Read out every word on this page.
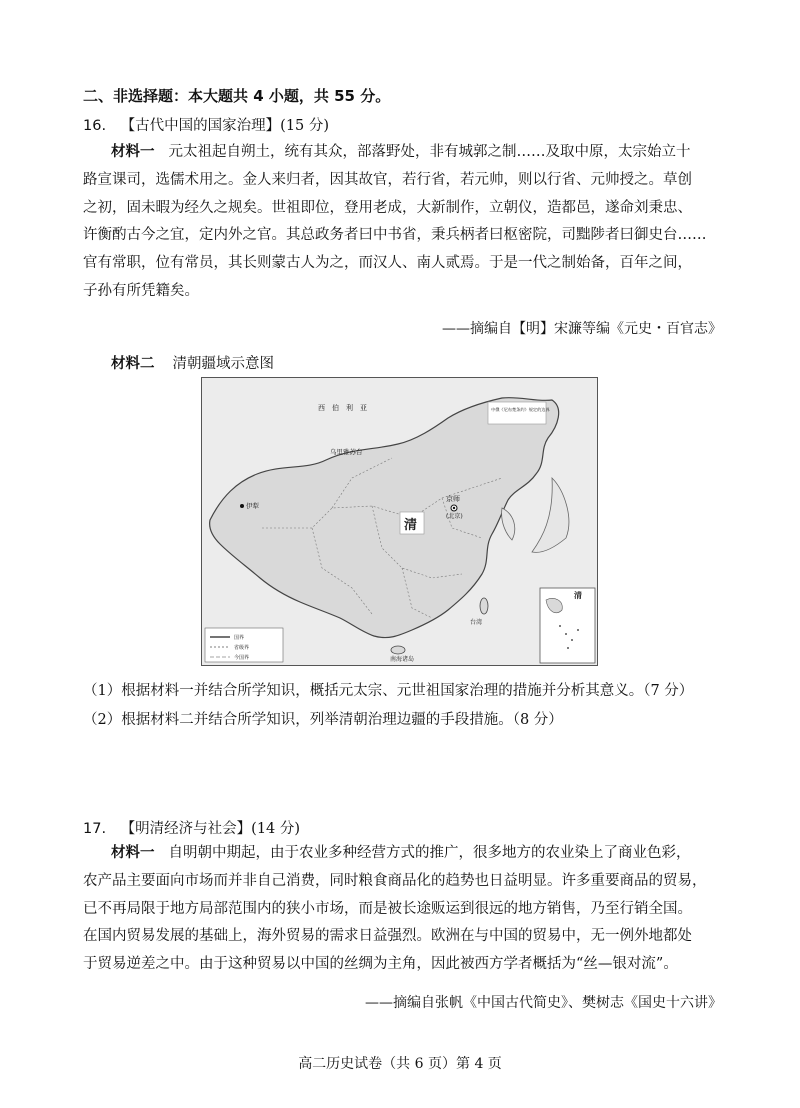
二、非选择题：本大题共 4 小题，共 55 分。
16. 【古代中国的国家治理】(15 分)
材料一 元太祖起自朔土，统有其众，部落野处，非有城郭之制……及取中原，太宗始立十
路宣课司，选儒术用之。金人来归者，因其故官，若行省，若元帅，则以行省、元帅授之。草创
之初，固未暇为经久之规矣。世祖即位，登用老成，大新制作，立朝仪，造都邑，遂命刘秉忠、
许衡酌古今之宜，定内外之官。其总政务者曰中书省，秉兵柄者曰枢密院，司黜陟者曰御史台……
官有常职，位有常员，其长则蒙古人为之，而汉人、南人贰焉。于是一代之制始备，百年之间，
子孙有所凭籍矣。
——摘编自【明】宋濂等编《元史・百官志》
材料二 清朝疆域示意图
西　伯　利　亚
清
京师
(北京)
乌里雅苏台
伊犁
南海诸岛
台湾
清
中俄《尼布楚条约》规定的边界
国界
省级界
今国界
（1）根据材料一并结合所学知识，概括元太宗、元世祖国家治理的措施并分析其意义。（7 分）
（2）根据材料二并结合所学知识，列举清朝治理边疆的手段措施。（8 分）
17. 【明清经济与社会】(14 分)
材料一 自明朝中期起，由于农业多种经营方式的推广，很多地方的农业染上了商业色彩，
农产品主要面向市场而并非自己消费，同时粮食商品化的趋势也日益明显。许多重要商品的贸易，
已不再局限于地方局部范围内的狭小市场，而是被长途贩运到很远的地方销售，乃至行销全国。
在国内贸易发展的基础上，海外贸易的需求日益强烈。欧洲在与中国的贸易中，无一例外地都处
于贸易逆差之中。由于这种贸易以中国的丝绸为主角，因此被西方学者概括为“丝—银对流”。
——摘编自张帆《中国古代简史》、樊树志《国史十六讲》
高二历史试卷（共 6 页）第 4 页
